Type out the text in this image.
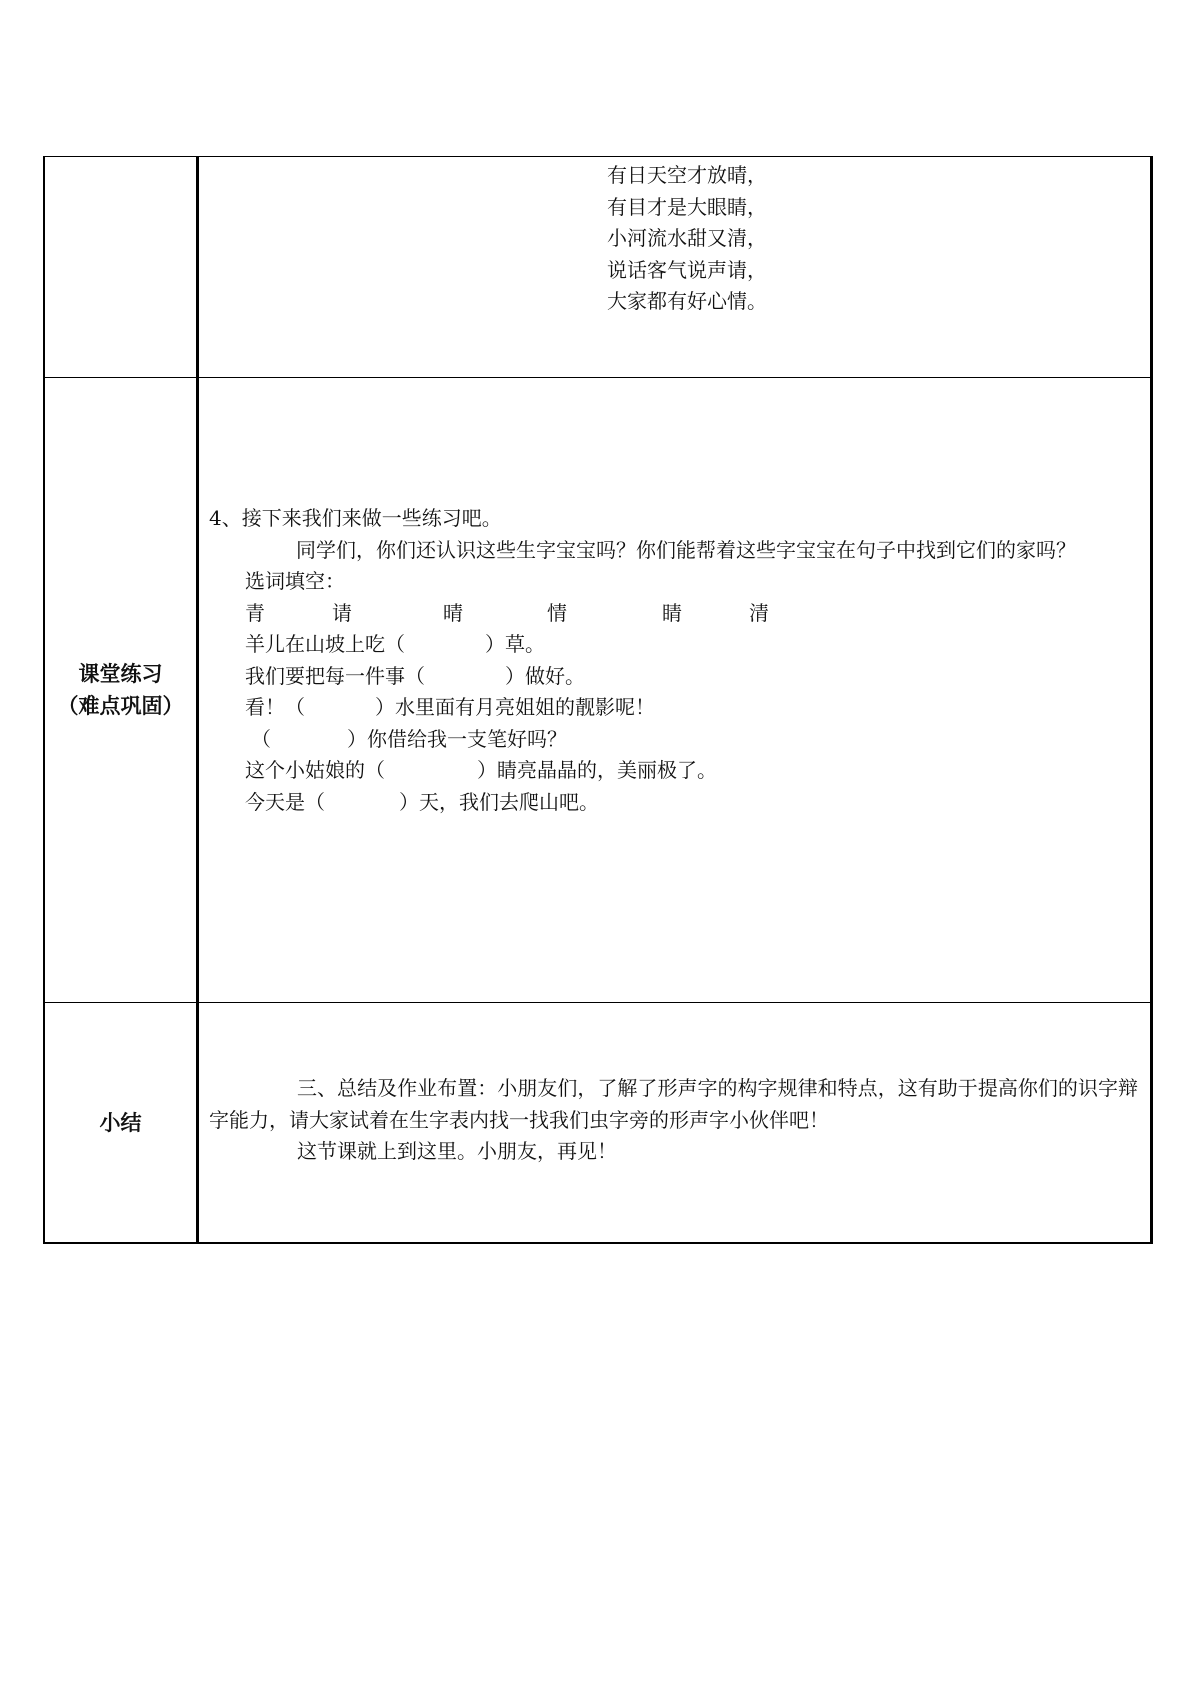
有日天空才放晴，
有目才是大眼睛，
小河流水甜又清，
说话客气说声请，
大家都有好心情。
课堂练习
（难点巩固）
4、接下来我们来做一些练习吧。
同学们，你们还认识这些生字宝宝吗？你们能帮着这些字宝宝在句子中找到它们的家吗？
选词填空：
青	请	晴	情	睛	清
羊儿在山坡上吃（	）草。
我们要把每一件事（	）做好。
看！（	）水里面有月亮姐姐的靓影呢！
（	）你借给我一支笔好吗？
这个小姑娘的（	）睛亮晶晶的，美丽极了。
今天是（	）天，我们去爬山吧。
小结
三、总结及作业布置：小朋友们，了解了形声字的构字规律和特点，这有助于提高你们的识字辩字能力，请大家试着在生字表内找一找我们虫字旁的形声字小伙伴吧！
这节课就上到这里。小朋友，再见！
